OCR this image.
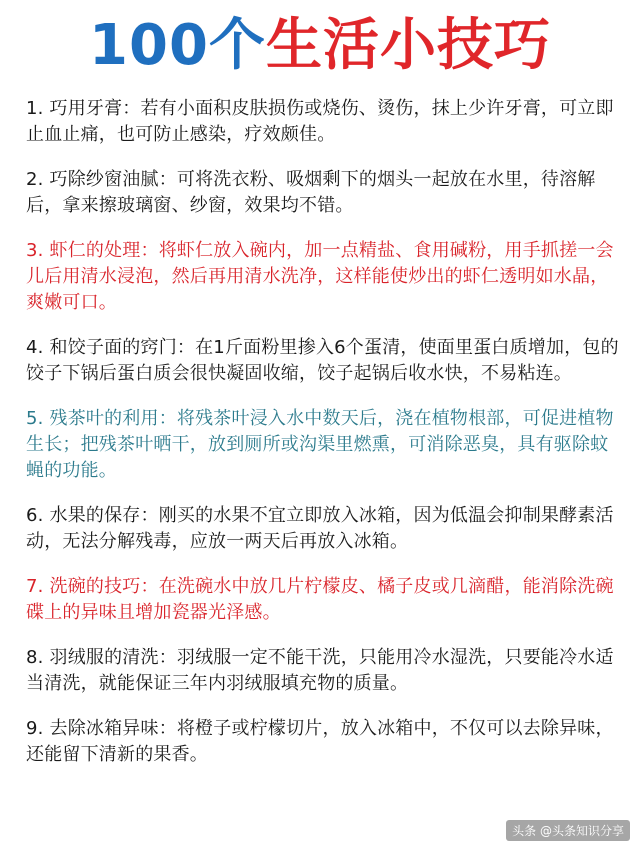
100个生活小技巧

1. 巧用牙膏：若有小面积皮肤损伤或烧伤、烫伤，抹上少许牙膏，可立即止血止痛，也可防止感染，疗效颇佳。

2. 巧除纱窗油腻：可将洗衣粉、吸烟剩下的烟头一起放在水里，待溶解后，拿来擦玻璃窗、纱窗，效果均不错。

3. 虾仁的处理：将虾仁放入碗内，加一点精盐、食用碱粉，用手抓搓一会儿后用清水浸泡，然后再用清水洗净，这样能使炒出的虾仁透明如水晶，爽嫩可口。

4. 和饺子面的窍门：在1斤面粉里掺入6个蛋清，使面里蛋白质增加，包的饺子下锅后蛋白质会很快凝固收缩，饺子起锅后收水快，不易粘连。

5. 残茶叶的利用：将残茶叶浸入水中数天后，浇在植物根部，可促进植物生长；把残茶叶晒干，放到厕所或沟渠里燃熏，可消除恶臭，具有驱除蚊蝇的功能。

6. 水果的保存：刚买的水果不宜立即放入冰箱，因为低温会抑制果酵素活动，无法分解残毒，应放一两天后再放入冰箱。

7. 洗碗的技巧：在洗碗水中放几片柠檬皮、橘子皮或几滴醋，能消除洗碗碟上的异味且增加瓷器光泽感。

8. 羽绒服的清洗：羽绒服一定不能干洗，只能用冷水湿洗，只要能冷水适当清洗，就能保证三年内羽绒服填充物的质量。

9. 去除冰箱异味：将橙子或柠檬切片，放入冰箱中，不仅可以去除异味，还能留下清新的果香。

头条 @头条知识分享
